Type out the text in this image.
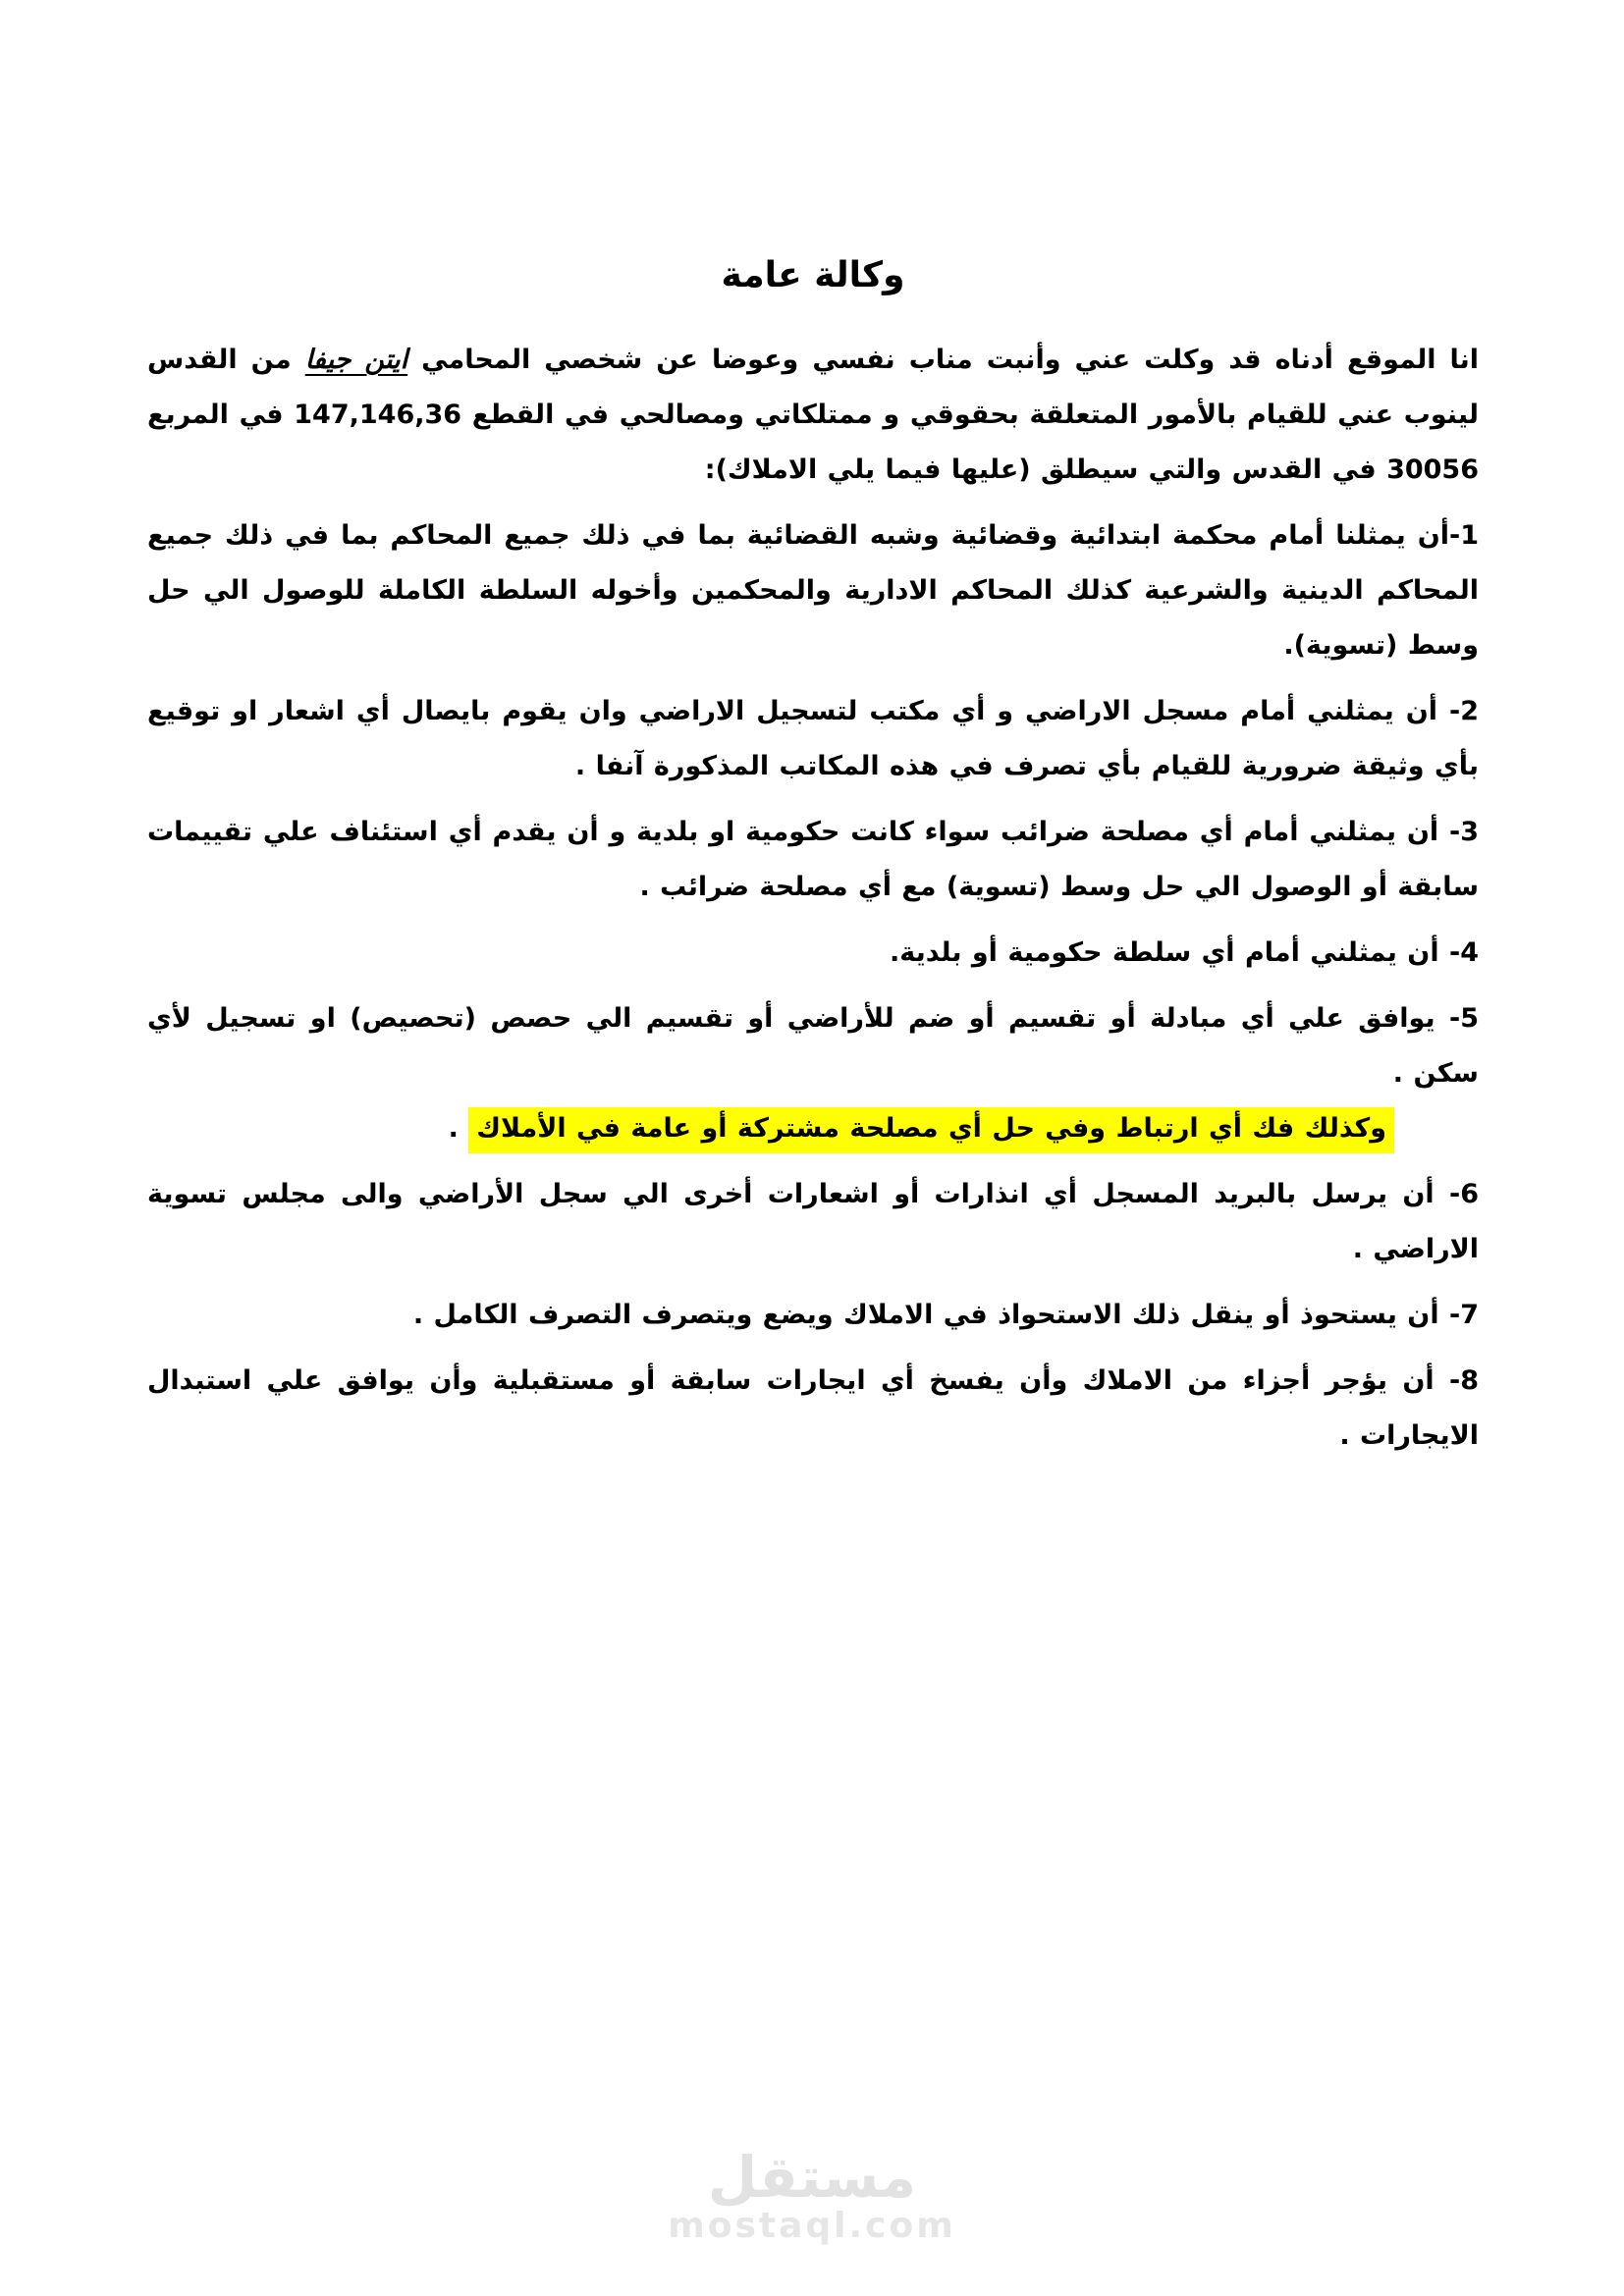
وكالة عامة

انا الموقع أدناه قد وكلت عني وأنبت مناب نفسي وعوضا عن شخصي المحامي ايتن جيفا من القدس لينوب عني للقيام بالأمور المتعلقة بحقوقي و ممتلكاتي ومصالحي في القطع 147,146,36 في المربع 30056 في القدس والتي سيطلق (عليها فيما يلي الاملاك):

1-أن يمثلنا أمام محكمة ابتدائية وقضائية وشبه القضائية بما في ذلك جميع المحاكم بما في ذلك جميع المحاكم الدينية والشرعية كذلك المحاكم الادارية والمحكمين وأخوله السلطة الكاملة للوصول الي حل وسط (تسوية).

2- أن يمثلني أمام مسجل الاراضي و أي مكتب لتسجيل الاراضي وان يقوم بايصال أي اشعار او توقيع بأي وثيقة ضرورية للقيام بأي تصرف في هذه المكاتب المذكورة آنفا .

3- أن يمثلني أمام أي مصلحة ضرائب سواء كانت حكومية او بلدية و أن يقدم أي استئناف علي تقييمات سابقة أو الوصول الي حل وسط (تسوية) مع أي مصلحة ضرائب .

4- أن يمثلني أمام أي سلطة حكومية أو بلدية.

5- يوافق علي أي مبادلة أو تقسيم أو ضم للأراضي أو تقسيم الي حصص (تحصيص) او تسجيل لأي سكن .
وكذلك فك أي ارتباط وفي حل أي مصلحة مشتركة أو عامة في الأملاك .

6- أن يرسل بالبريد المسجل أي انذارات أو اشعارات أخرى الي سجل الأراضي والى مجلس تسوية الاراضي .

7- أن يستحوذ أو ينقل ذلك الاستحواذ في الاملاك ويضع ويتصرف التصرف الكامل .

8- أن يؤجر أجزاء من الاملاك وأن يفسخ أي ايجارات سابقة أو مستقبلية وأن يوافق علي استبدال الايجارات .

مستقل
mostaql.com
